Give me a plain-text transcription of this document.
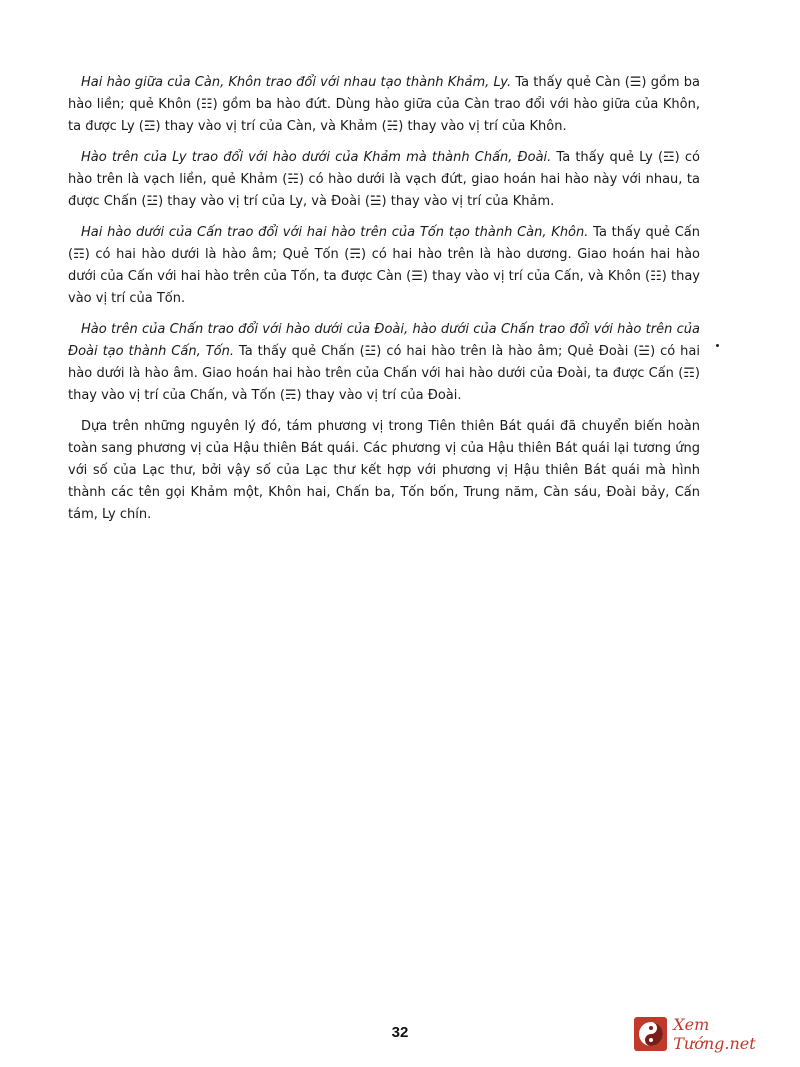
 Hai hào giữa của Càn, Khôn trao đổi với nhau tạo thành Khảm, Ly. Ta thấy quẻ Càn (☰) gồm ba hào liền; quẻ Khôn (☷) gồm ba hào đứt. Dùng hào giữa của Càn trao đổi với hào giữa của Khôn, ta được Ly (☲) thay vào vị trí của Càn, và Khảm (☵) thay vào vị trí của Khôn.

 Hào trên của Ly trao đổi với hào dưới của Khảm mà thành Chấn, Đoài. Ta thấy quẻ Ly (☲) có hào trên là vạch liền, quẻ Khảm (☵) có hào dưới là vạch đứt, giao hoán hai hào này với nhau, ta được Chấn (☳) thay vào vị trí của Ly, và Đoài (☱) thay vào vị trí của Khảm.

 Hai hào dưới của Cấn trao đổi với hai hào trên của Tốn tạo thành Càn, Khôn. Ta thấy quẻ Cấn (☶) có hai hào dưới là hào âm; Quẻ Tốn (☴) có hai hào trên là hào dương. Giao hoán hai hào dưới của Cấn với hai hào trên của Tốn, ta được Càn (☰) thay vào vị trí của Cấn, và Khôn (☷) thay vào vị trí của Tốn.

 Hào trên của Chấn trao đổi với hào dưới của Đoài, hào dưới của Chấn trao đổi với hào trên của Đoài tạo thành Cấn, Tốn. Ta thấy quẻ Chấn (☳) có hai hào trên là hào âm; Quẻ Đoài (☱) có hai hào dưới là hào âm. Giao hoán hai hào trên của Chấn với hai hào dưới của Đoài, ta được Cấn (☶) thay vào vị trí của Chấn, và Tốn (☴) thay vào vị trí của Đoài.

 Dựa trên những nguyên lý đó, tám phương vị trong Tiên thiên Bát quái đã chuyển biến hoàn toàn sang phương vị của Hậu thiên Bát quái. Các phương vị của Hậu thiên Bát quái lại tương ứng với số của Lạc thư, bởi vậy số của Lạc thư kết hợp với phương vị Hậu thiên Bát quái mà hình thành các tên gọi Khảm một, Khôn hai, Chấn ba, Tốn bốn, Trung năm, Càn sáu, Đoài bảy, Cấn tám, Ly chín.

32	Xem Tướng.net
